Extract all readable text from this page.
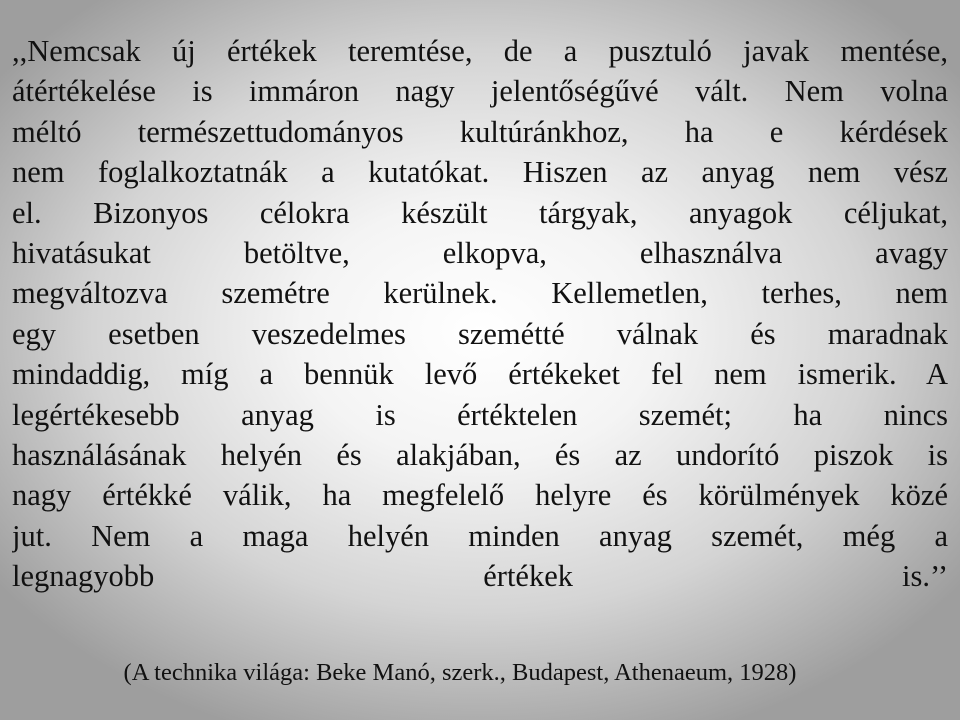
,,Nemcsak új értékek teremtése, de a pusztuló javak mentése,
átértékelése is immáron nagy jelentőségűvé vált. Nem volna
méltó természettudományos kultúránkhoz, ha e kérdések
nem foglalkoztatnák a kutatókat. Hiszen az anyag nem vész
el. Bizonyos célokra készült tárgyak, anyagok céljukat,
hivatásukat betöltve, elkopva, elhasználva avagy
megváltozva szemétre kerülnek. Kellemetlen, terhes, nem
egy esetben veszedelmes szemétté válnak és maradnak
mindaddig, míg a bennük levő értékeket fel nem ismerik. A
legértékesebb anyag is értéktelen szemét; ha nincs
használásának helyén és alakjában, és az undorító piszok is
nagy értékké válik, ha megfelelő helyre és körülmények közé
jut. Nem a maga helyén minden anyag szemét, még a
legnagyobb értékek is.’’
(A technika világa: Beke Manó, szerk., Budapest, Athenaeum, 1928)
